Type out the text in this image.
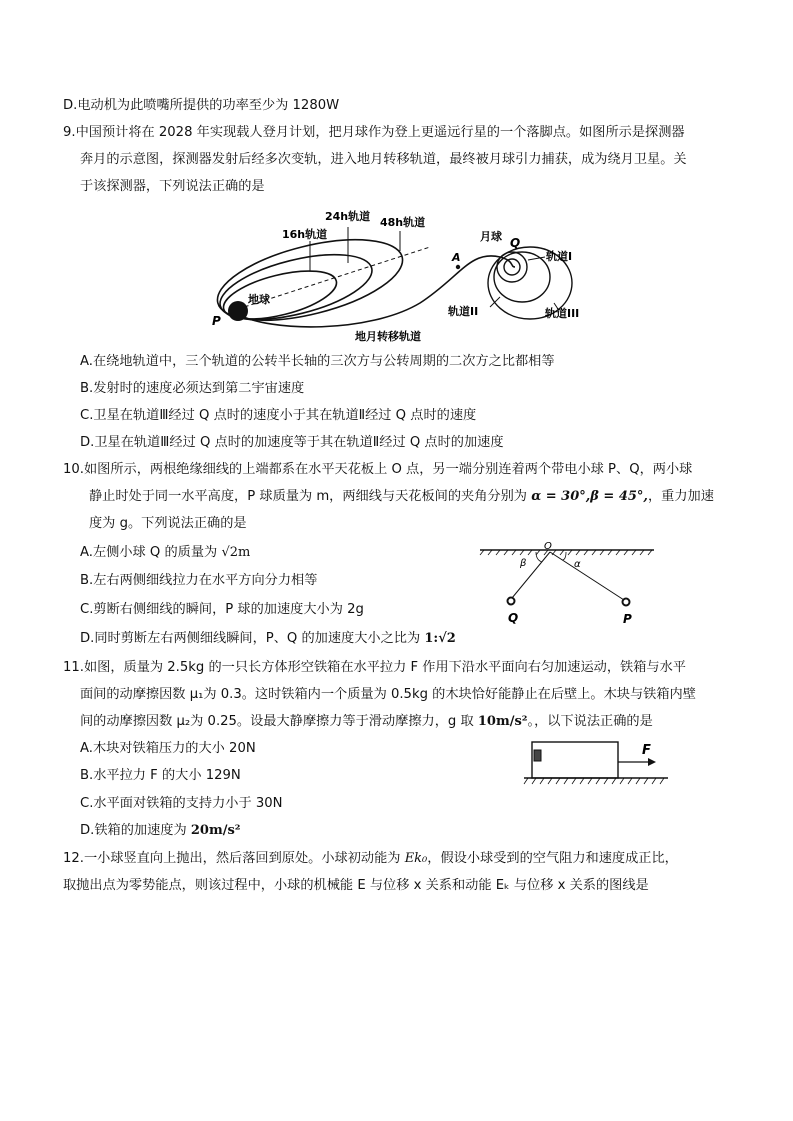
D.电动机为此喷嘴所提供的功率至少为 1280W
9.中国预计将在 2028 年实现载人登月计划，把月球作为登上更遥远行星的一个落脚点。如图所示是探测器
奔月的示意图，探测器发射后经多次变轨，进入地月转移轨道，最终被月球引力捕获，成为绕月卫星。关
于该探测器，下列说法正确的是
16h轨道
24h轨道 48h轨道
地球
P
A
月球 Q
轨道I
轨道II	轨道III
地月转移轨道
A.在绕地轨道中，三个轨道的公转半长轴的三次方与公转周期的二次方之比都相等
B.发射时的速度必须达到第二宇宙速度
C.卫星在轨道Ⅲ经过 Q 点时的速度小于其在轨道Ⅱ经过 Q 点时的速度
D.卫星在轨道Ⅲ经过 Q 点时的加速度等于其在轨道Ⅱ经过 Q 点时的加速度
10.如图所示，两根绝缘细线的上端都系在水平天花板上 O 点，另一端分别连着两个带电小球 P、Q，两小球
静止时处于同一水平高度，P 球质量为 m，两细线与天花板间的夹角分别为 α = 30°,β = 45°,，重力加速
度为 g。下列说法正确的是
A.左侧小球 Q 的质量为 √2m
B.左右两侧细线拉力在水平方向分力相等
C.剪断右侧细线的瞬间，P 球的加速度大小为 2g
D.同时剪断左右两侧细线瞬间，P、Q 的加速度大小之比为 1:√2
O
β	α
Q	P
11.如图，质量为 2.5kg 的一只长方体形空铁箱在水平拉力 F 作用下沿水平面向右匀加速运动，铁箱与水平
面间的动摩擦因数 μ₁为 0.3。这时铁箱内一个质量为 0.5kg 的木块恰好能静止在后壁上。木块与铁箱内壁
间的动摩擦因数 μ₂为 0.25。设最大静摩擦力等于滑动摩擦力，g 取 10m/s²。，以下说法正确的是
A.木块对铁箱压力的大小 20N
B.水平拉力 F 的大小 129N
C.水平面对铁箱的支持力小于 30N
D.铁箱的加速度为 20m/s²
F
12.一小球竖直向上抛出，然后落回到原处。小球初动能为 Ek₀，假设小球受到的空气阻力和速度成正比，
取抛出点为零势能点，则该过程中，小球的机械能 E 与位移 x 关系和动能 Eₖ 与位移 x 关系的图线是
